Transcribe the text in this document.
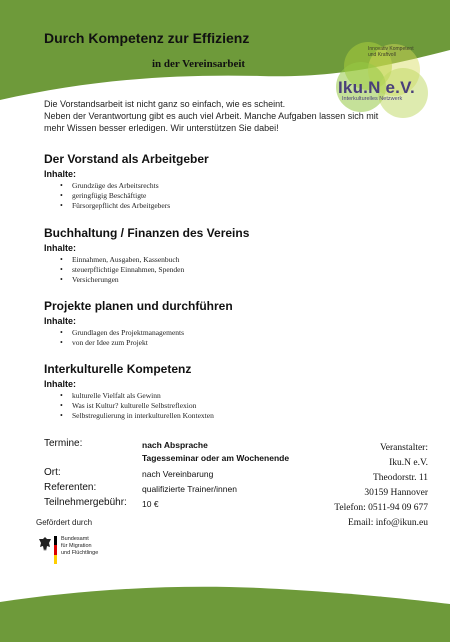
Durch Kompetenz zur Effizienz
in der Vereinsarbeit
Innovativ Kompetent und Kraftvoll
Iku.N e.V.
Interkulturelles Netzwerk
Die Vorstandsarbeit ist nicht ganz so einfach, wie es scheint.
Neben der Verantwortung gibt es auch viel Arbeit. Manche Aufgaben lassen sich mit
mehr Wissen besser erledigen. Wir unterstützen Sie dabei!
Der Vorstand als Arbeitgeber
Inhalte:
• Grundzüge des Arbeitsrechts
• geringfügig Beschäftigte
• Fürsorgepflicht des Arbeitgebers
Buchhaltung / Finanzen des Vereins
Inhalte:
• Einnahmen, Ausgaben, Kassenbuch
• steuerpflichtige Einnahmen, Spenden
• Versicherungen
Projekte planen und durchführen
Inhalte:
• Grundlagen des Projektmanagements
• von der Idee zum Projekt
Interkulturelle Kompetenz
Inhalte:
• kulturelle Vielfalt als Gewinn
• Was ist Kultur? kulturelle Selbstreflexion
• Selbstregulierung in interkulturellen Kontexten
Termine:	nach Absprache
Tagesseminar oder am Wochenende
Ort:	nach Vereinbarung
Referenten:	qualifizierte Trainer/innen
Teilnehmergebühr: 10 €
Veranstalter:
Iku.N e.V.
Theodorstr. 11
30159 Hannover
Telefon: 0511-94 09 677
Email: info@ikun.eu
Gefördert durch
Bundesamt
für Migration
und Flüchtlinge
